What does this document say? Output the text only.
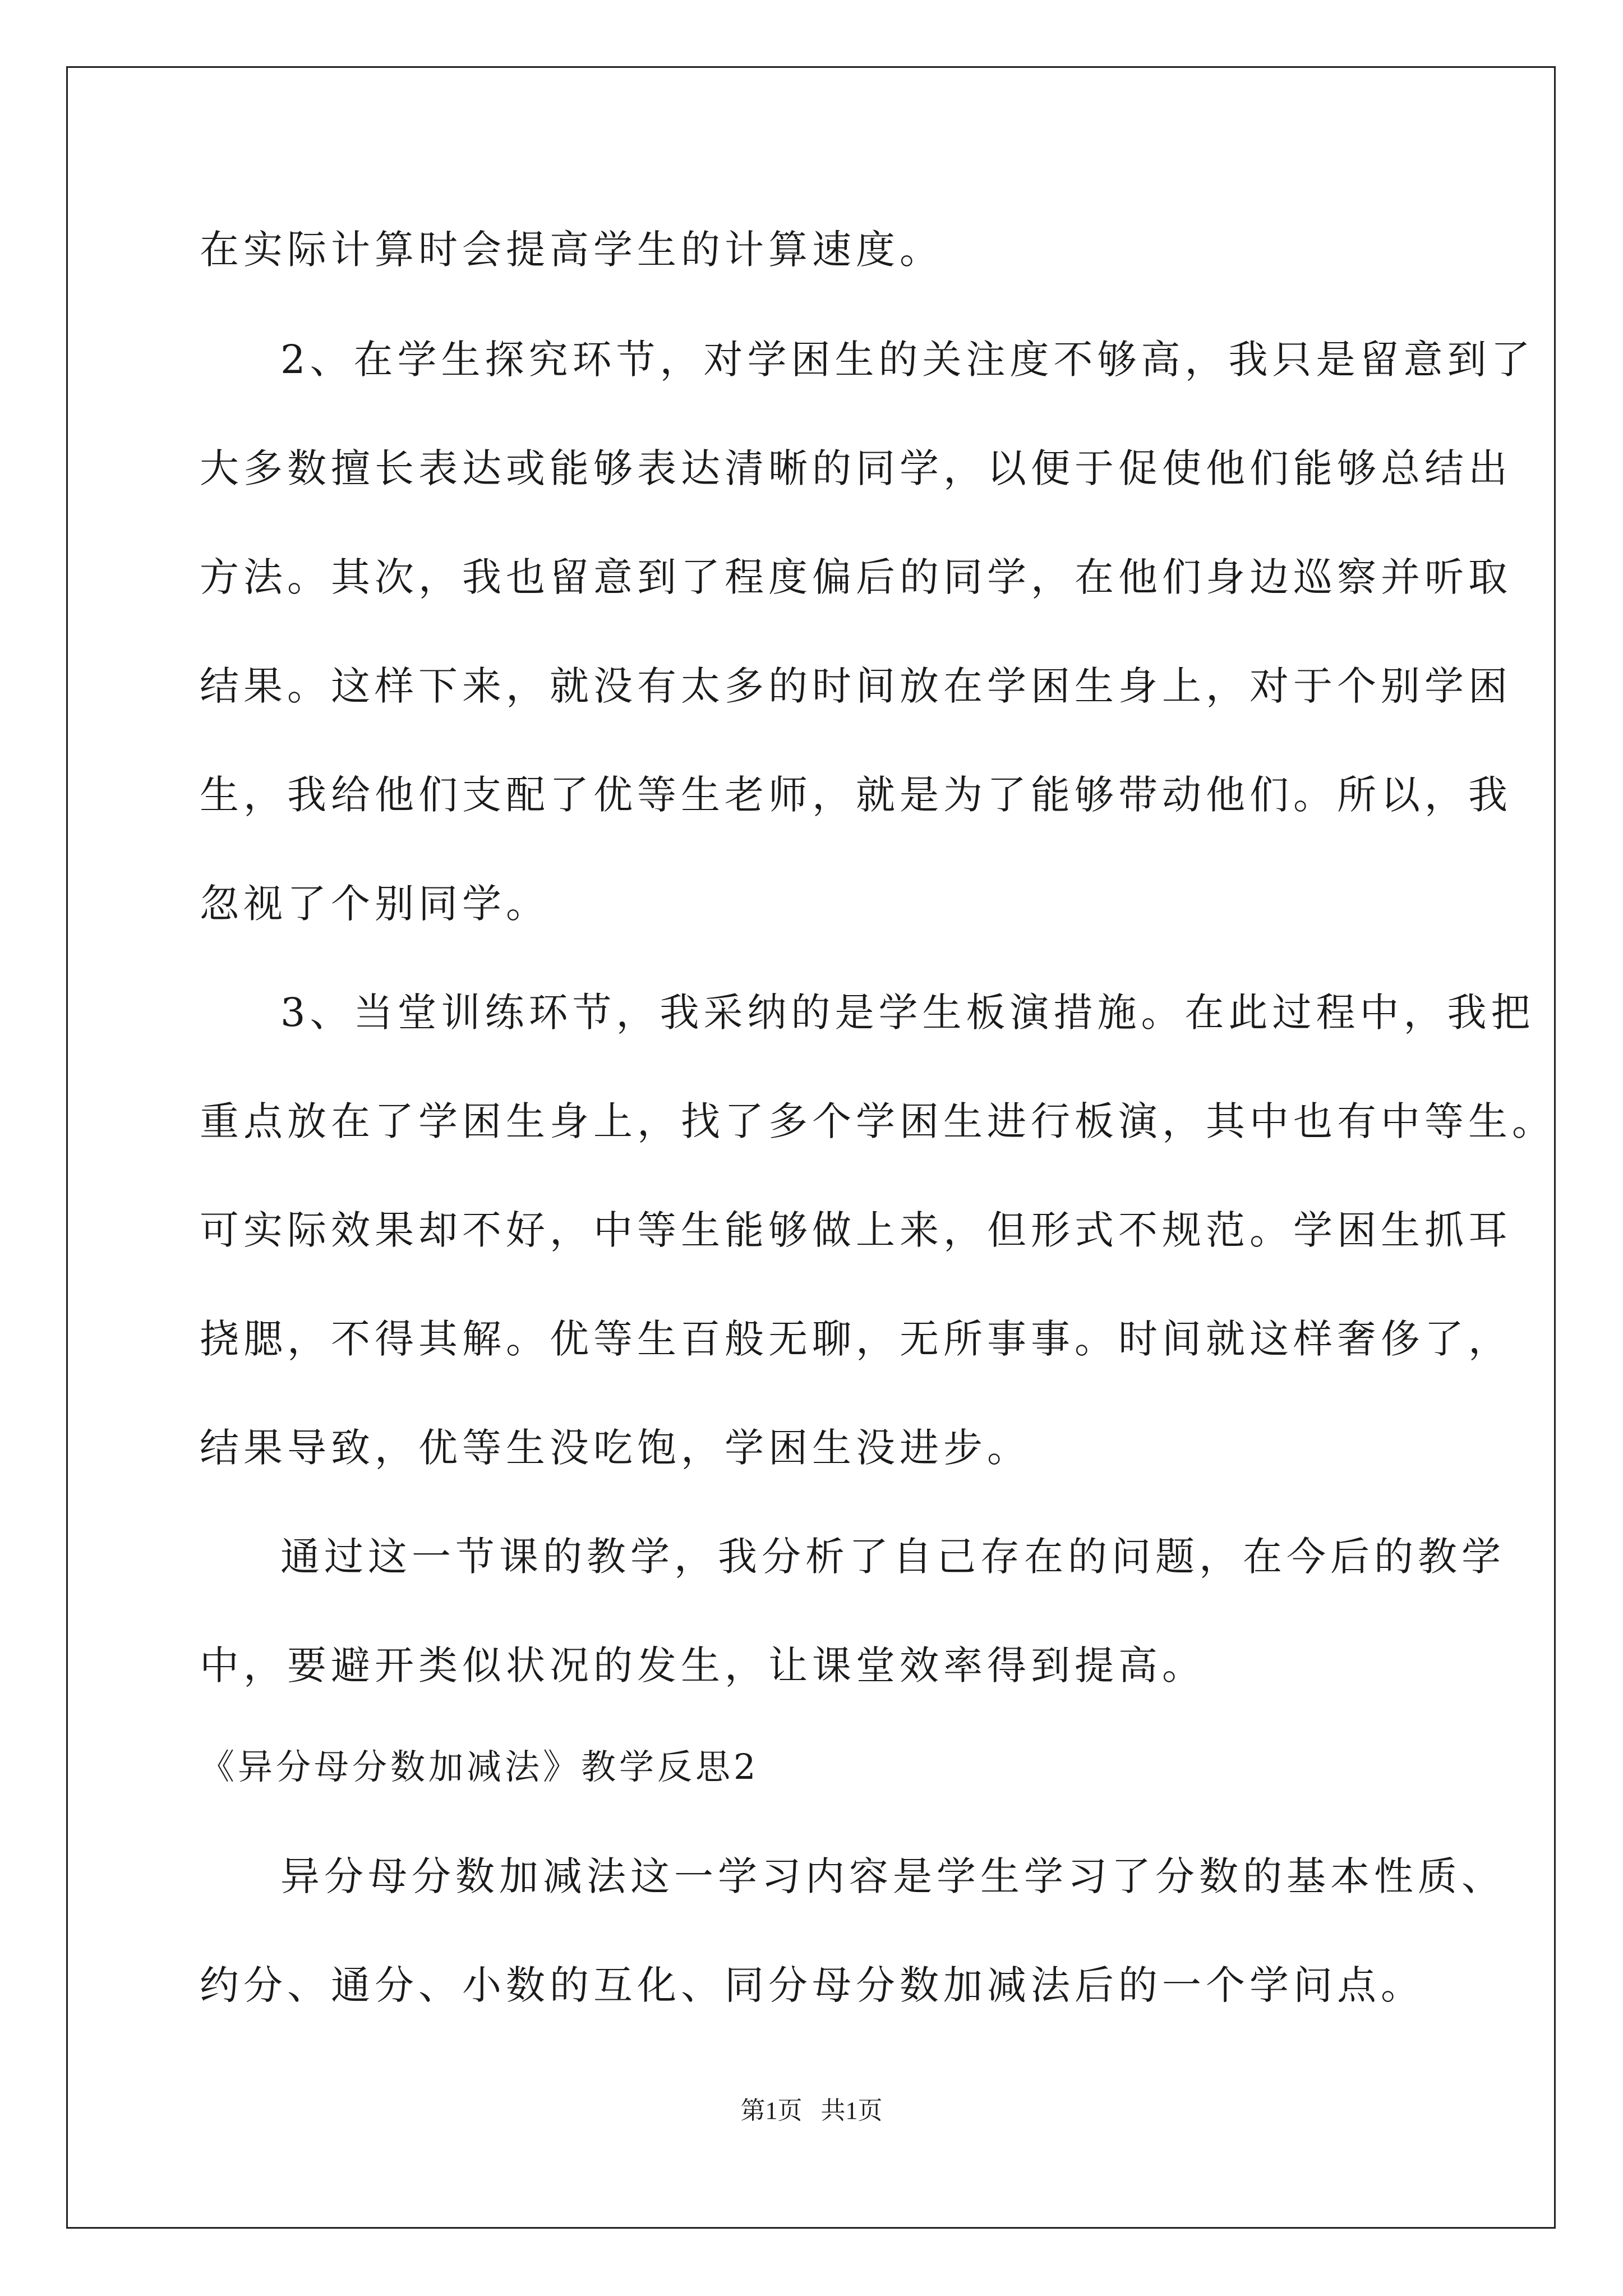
在实际计算时会提高学生的计算速度。
2、在学生探究环节，对学困生的关注度不够高，我只是留意到了
大多数擅长表达或能够表达清晰的同学，以便于促使他们能够总结出
方法。其次，我也留意到了程度偏后的同学，在他们身边巡察并听取
结果。这样下来，就没有太多的时间放在学困生身上，对于个别学困
生，我给他们支配了优等生老师，就是为了能够带动他们。所以，我
忽视了个别同学。
3、当堂训练环节，我采纳的是学生板演措施。在此过程中，我把
重点放在了学困生身上，找了多个学困生进行板演，其中也有中等生。
可实际效果却不好，中等生能够做上来，但形式不规范。学困生抓耳
挠腮，不得其解。优等生百般无聊，无所事事。时间就这样奢侈了，
结果导致，优等生没吃饱，学困生没进步。
通过这一节课的教学，我分析了自己存在的问题，在今后的教学
中，要避开类似状况的发生，让课堂效率得到提高。
《异分母分数加减法》教学反思2
异分母分数加减法这一学习内容是学生学习了分数的基本性质、
约分、通分、小数的互化、同分母分数加减法后的一个学问点。
第1页   共1页
